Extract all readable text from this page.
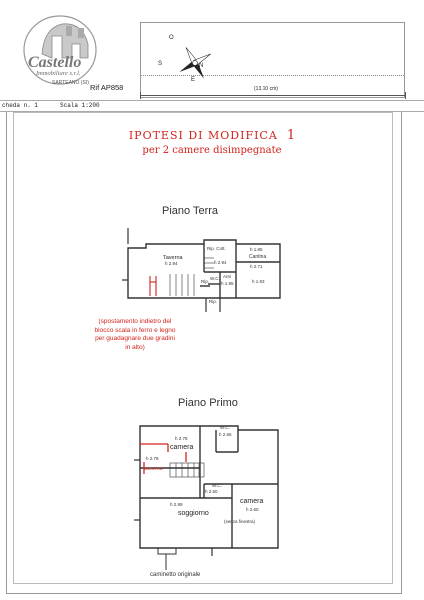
Castello
Immobiliare s.r.l.
SARTEANO (SI) Rif AP858
N
E
S
O
(13.10 cm)
cheda n. 1	Scala 1:200
IPOTESI DI MODIFICA 1
per 2 camere disimpegnate
Piano Terra
Taverna
h 2.94	h 2.94
Rip. Cott.	h 1.85
Cantina
h 2.71
h 1.93
Anti
h 1.95
Rip.
W.C.
Rip.
(spostamento indietro del blocco scala in ferro e legno per guadagnare due gradini in alto)
Piano Primo
h 2.78
camera
h 2.78
camerina
W.C.
h 2.65
h 2.99
soggiorno
W.C.
h 2.50
camera
h 2.60
(senza finestra)
caminetto originale
